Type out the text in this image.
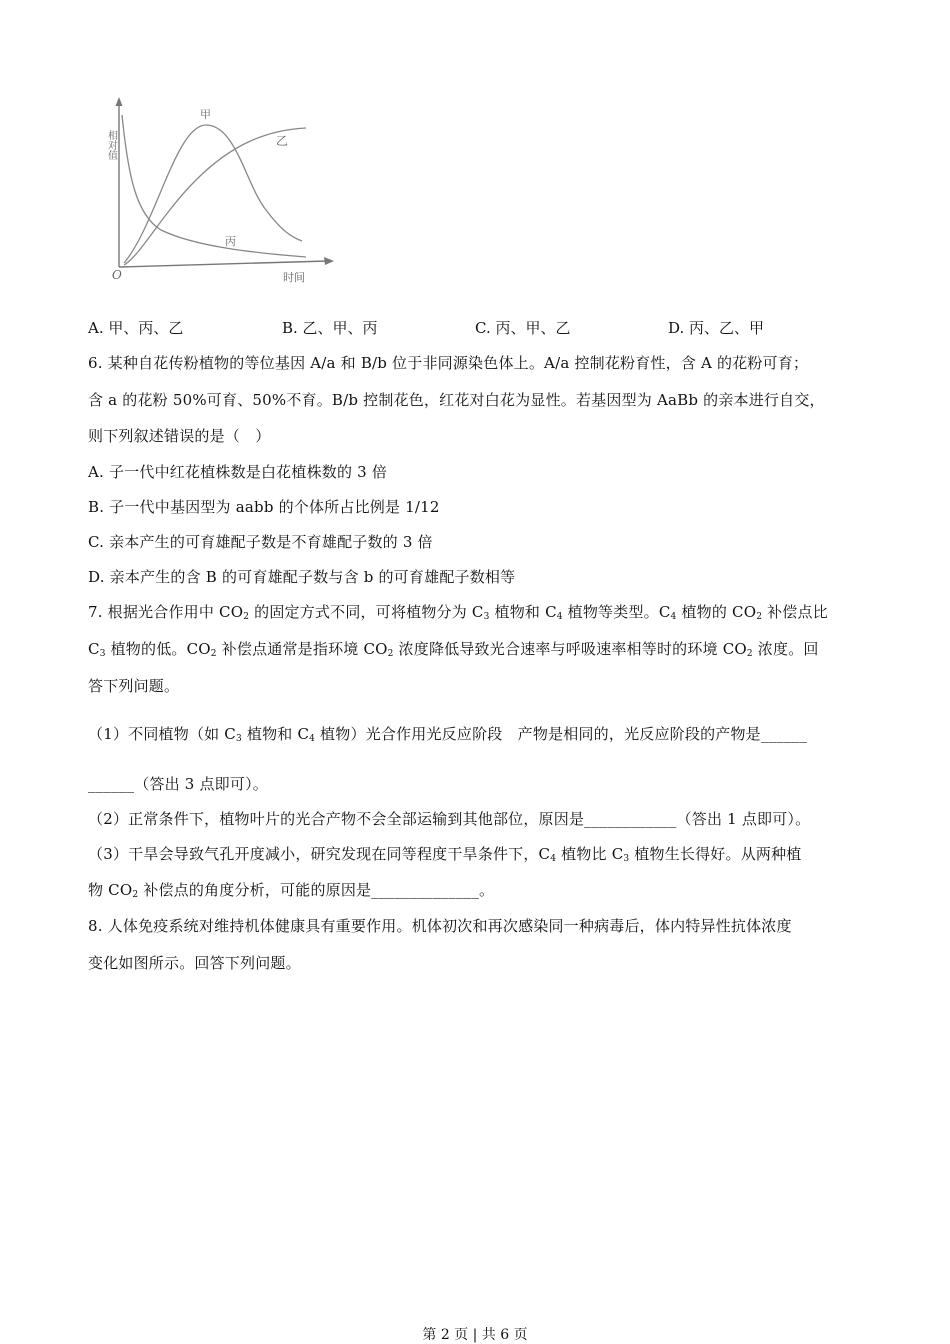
相对值
O	时间
甲
乙
丙
A. 甲、丙、乙	B. 乙、甲、丙	C. 丙、甲、乙	D. 丙、乙、甲
6. 某种自花传粉植物的等位基因 A/a 和 B/b 位于非同源染色体上。A/a 控制花粉育性，含 A 的花粉可育；
含 a 的花粉 50%可育、50%不育。B/b 控制花色，红花对白花为显性。若基因型为 AaBb 的亲本进行自交，
则下列叙述错误的是（　）
A. 子一代中红花植株数是白花植株数的 3 倍
B. 子一代中基因型为 aabb 的个体所占比例是 1/12
C. 亲本产生的可育雄配子数是不育雄配子数的 3 倍
D. 亲本产生的含 B 的可育雄配子数与含 b 的可育雄配子数相等
7. 根据光合作用中 $CO_2$ 的固定方式不同，可将植物分为 $C_3$ 植物和 $C_4$ 植物等类型。$C_4$ 植物的 $CO_2$ 补偿点比
$C_3$ 植物的低。$CO_2$ 补偿点通常是指环境 $CO_2$ 浓度降低导致光合速率与呼吸速率相等时的环境 $CO_2$ 浓度。回
答下列问题。
（1）不同植物（如 $C_3$ 植物和 $C_4$ 植物）光合作用光反应阶段　产物是相同的，光反应阶段的产物是______
______（答出 3 点即可）。
（2）正常条件下，植物叶片的光合产物不会全部运输到其他部位，原因是____________（答出 1 点即可）。
（3）干旱会导致气孔开度减小，研究发现在同等程度干旱条件下，$C_4$ 植物比 $C_3$ 植物生长得好。从两种植
物 $CO_2$ 补偿点的角度分析，可能的原因是______________。
8. 人体免疫系统对维持机体健康具有重要作用。机体初次和再次感染同一种病毒后，体内特异性抗体浓度
变化如图所示。回答下列问题。
第 2 页 | 共 6 页
